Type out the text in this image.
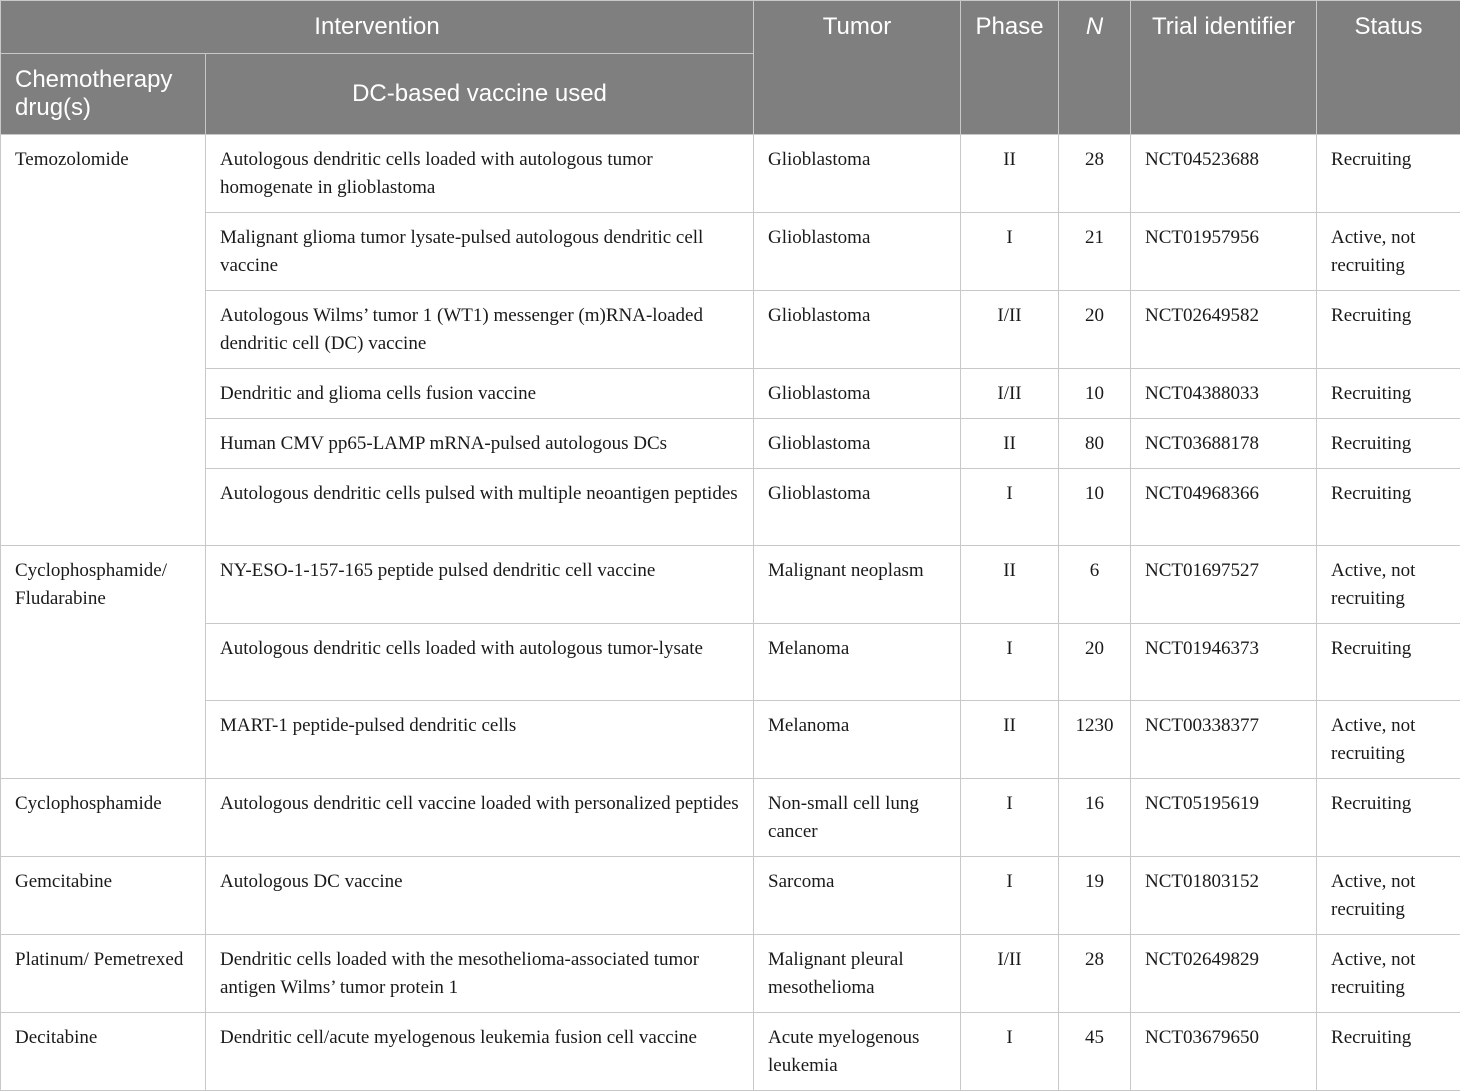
Intervention		Tumor	Phase	N	Trial identifier	Status
Chemotherapy drug(s)	DC-based vaccine used					
Temozolomide	Autologous dendritic cells loaded with autologous tumor homogenate in glioblastoma	Glioblastoma	II	28	NCT04523688	Recruiting
	Malignant glioma tumor lysate-pulsed autologous dendritic cell vaccine	Glioblastoma	I	21	NCT01957956	Active, not recruiting
	Autologous Wilms’ tumor 1 (WT1) messenger (m)RNA-loaded dendritic cell (DC) vaccine	Glioblastoma	I/II	20	NCT02649582	Recruiting
	Dendritic and glioma cells fusion vaccine	Glioblastoma	I/II	10	NCT04388033	Recruiting
	Human CMV pp65-LAMP mRNA-pulsed autologous DCs	Glioblastoma	II	80	NCT03688178	Recruiting
	Autologous dendritic cells pulsed with multiple neoantigen peptides	Glioblastoma	I	10	NCT04968366	Recruiting
Cyclophosphamide/ Fludarabine	NY-ESO-1-157-165 peptide pulsed dendritic cell vaccine	Malignant neoplasm	II	6	NCT01697527	Active, not recruiting
	Autologous dendritic cells loaded with autologous tumor-lysate	Melanoma	I	20	NCT01946373	Recruiting
	MART-1 peptide-pulsed dendritic cells	Melanoma	II	1230	NCT00338377	Active, not recruiting
Cyclophosphamide	Autologous dendritic cell vaccine loaded with personalized peptides	Non-small cell lung cancer	I	16	NCT05195619	Recruiting
Gemcitabine	Autologous DC vaccine	Sarcoma	I	19	NCT01803152	Active, not recruiting
Platinum/ Pemetrexed	Dendritic cells loaded with the mesothelioma-associated tumor antigen Wilms’ tumor protein 1	Malignant pleural mesothelioma	I/II	28	NCT02649829	Active, not recruiting
Decitabine	Dendritic cell/acute myelogenous leukemia fusion cell vaccine	Acute myelogenous leukemia	I	45	NCT03679650	Recruiting
